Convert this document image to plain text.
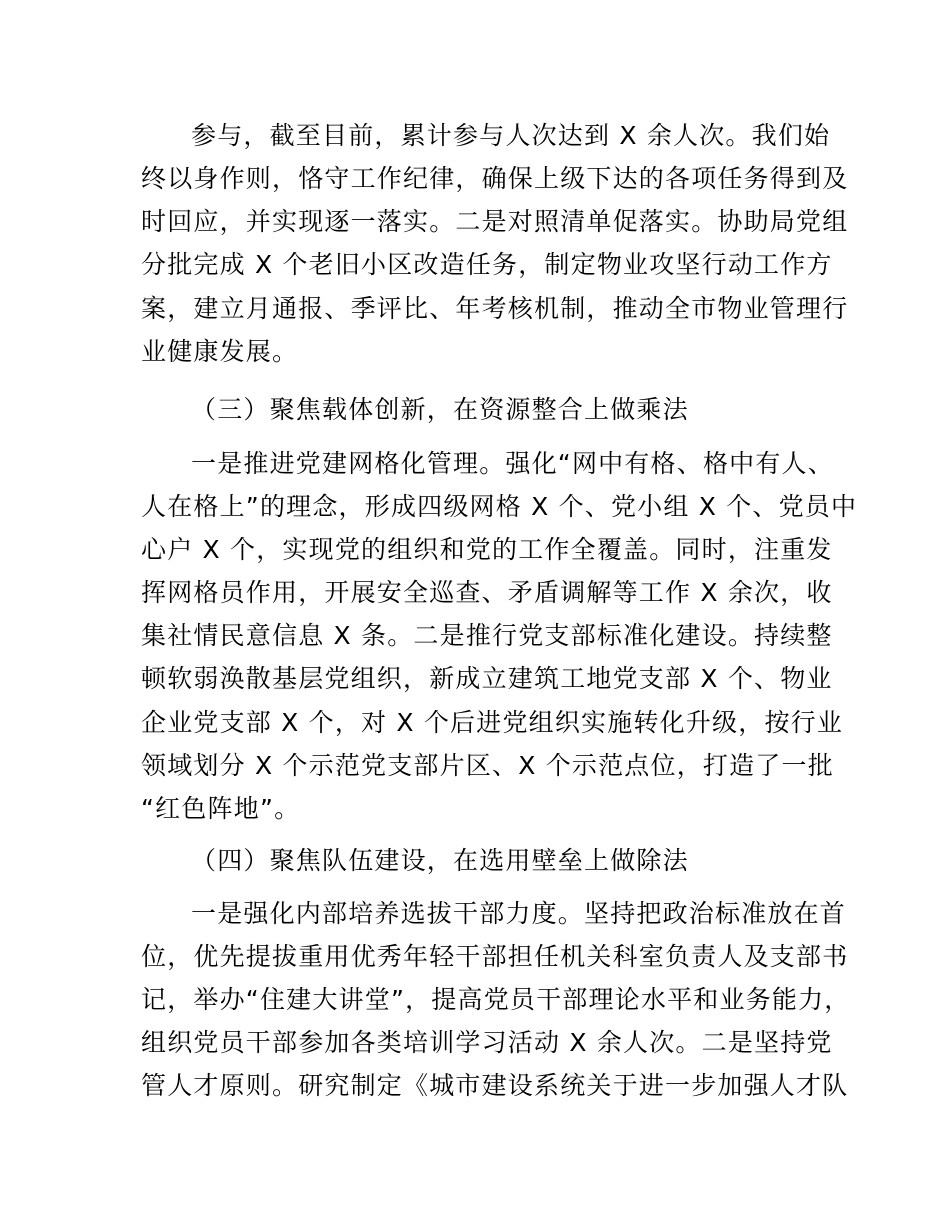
参与，截至目前，累计参与人次达到 X 余人次。我们始
终以身作则，恪守工作纪律，确保上级下达的各项任务得到及
时回应，并实现逐一落实。二是对照清单促落实。协助局党组
分批完成 X 个老旧小区改造任务，制定物业攻坚行动工作方
案，建立月通报、季评比、年考核机制，推动全市物业管理行
业健康发展。
（三）聚焦载体创新，在资源整合上做乘法
一是推进党建网格化管理。强化“网中有格、格中有人、
人在格上”的理念，形成四级网格 X 个、党小组 X 个、党员中
心户 X 个，实现党的组织和党的工作全覆盖。同时，注重发
挥网格员作用，开展安全巡查、矛盾调解等工作 X 余次，收
集社情民意信息 X 条。二是推行党支部标准化建设。持续整
顿软弱涣散基层党组织，新成立建筑工地党支部 X 个、物业
企业党支部 X 个，对 X 个后进党组织实施转化升级，按行业
领域划分 X 个示范党支部片区、X 个示范点位，打造了一批
“红色阵地”。
（四）聚焦队伍建设，在选用壁垒上做除法
一是强化内部培养选拔干部力度。坚持把政治标准放在首
位，优先提拔重用优秀年轻干部担任机关科室负责人及支部书
记，举办“住建大讲堂”，提高党员干部理论水平和业务能力，
组织党员干部参加各类培训学习活动 X 余人次。二是坚持党
管人才原则。研究制定《城市建设系统关于进一步加强人才队
